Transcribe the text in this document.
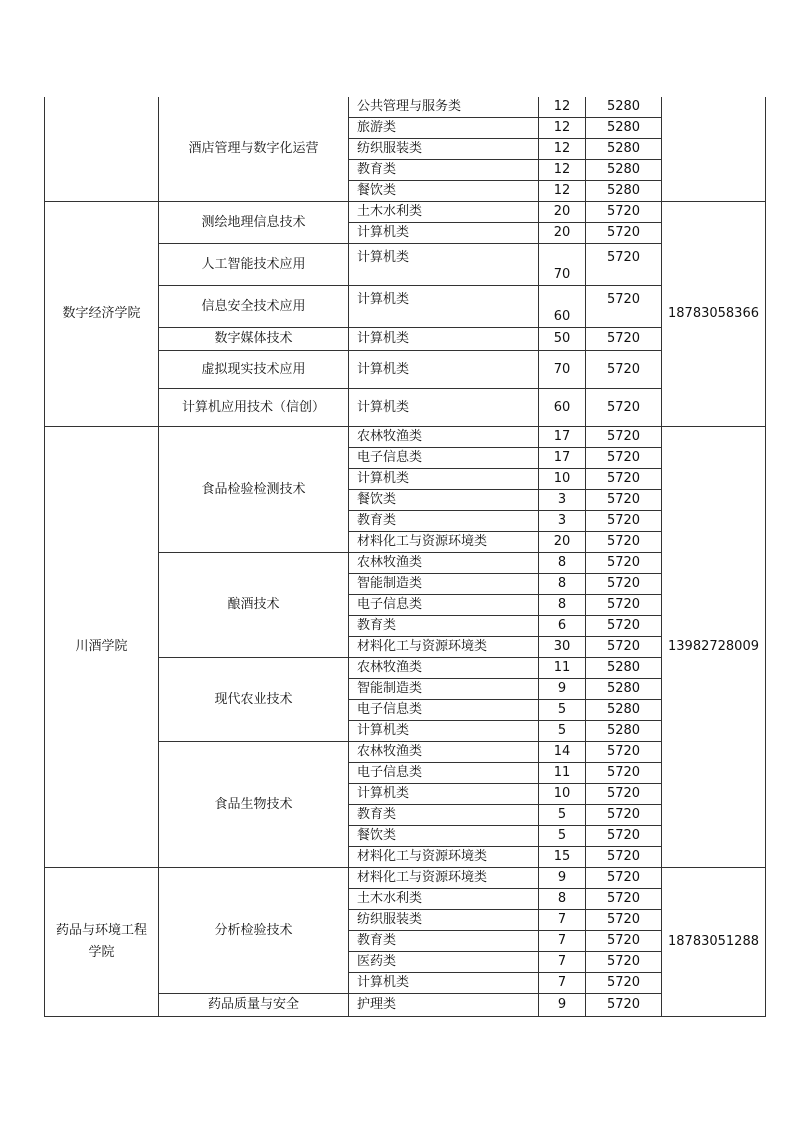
	酒店管理与数字化运营	公共管理与服务类	12	5280	
		旅游类	12	5280	
		纺织服装类	12	5280	
		教育类	12	5280	
		餐饮类	12	5280	
数字经济学院	测绘地理信息技术	土木水利类	20	5720	18783058366
		计算机类	20	5720	
	人工智能技术应用	计算机类	70	5720	
	信息安全技术应用	计算机类	60	5720	
	数字媒体技术	计算机类	50	5720	
	虚拟现实技术应用	计算机类	70	5720	
	计算机应用技术（信创）	计算机类	60	5720	
川酒学院	食品检验检测技术	农林牧渔类	17	5720	13982728009
		电子信息类	17	5720	
		计算机类	10	5720	
		餐饮类	3	5720	
		教育类	3	5720	
		材料化工与资源环境类	20	5720	
	酿酒技术	农林牧渔类	8	5720	
		智能制造类	8	5720	
		电子信息类	8	5720	
		教育类	6	5720	
		材料化工与资源环境类	30	5720	
	现代农业技术	农林牧渔类	11	5280	
		智能制造类	9	5280	
		电子信息类	5	5280	
		计算机类	5	5280	
	食品生物技术	农林牧渔类	14	5720	
		电子信息类	11	5720	
		计算机类	10	5720	
		教育类	5	5720	
		餐饮类	5	5720	
		材料化工与资源环境类	15	5720	
药品与环境工程学院	分析检验技术	材料化工与资源环境类	9	5720	18783051288
		土木水利类	8	5720	
		纺织服装类	7	5720	
		教育类	7	5720	
		医药类	7	5720	
		计算机类	7	5720	
	药品质量与安全	护理类	9	5720	
